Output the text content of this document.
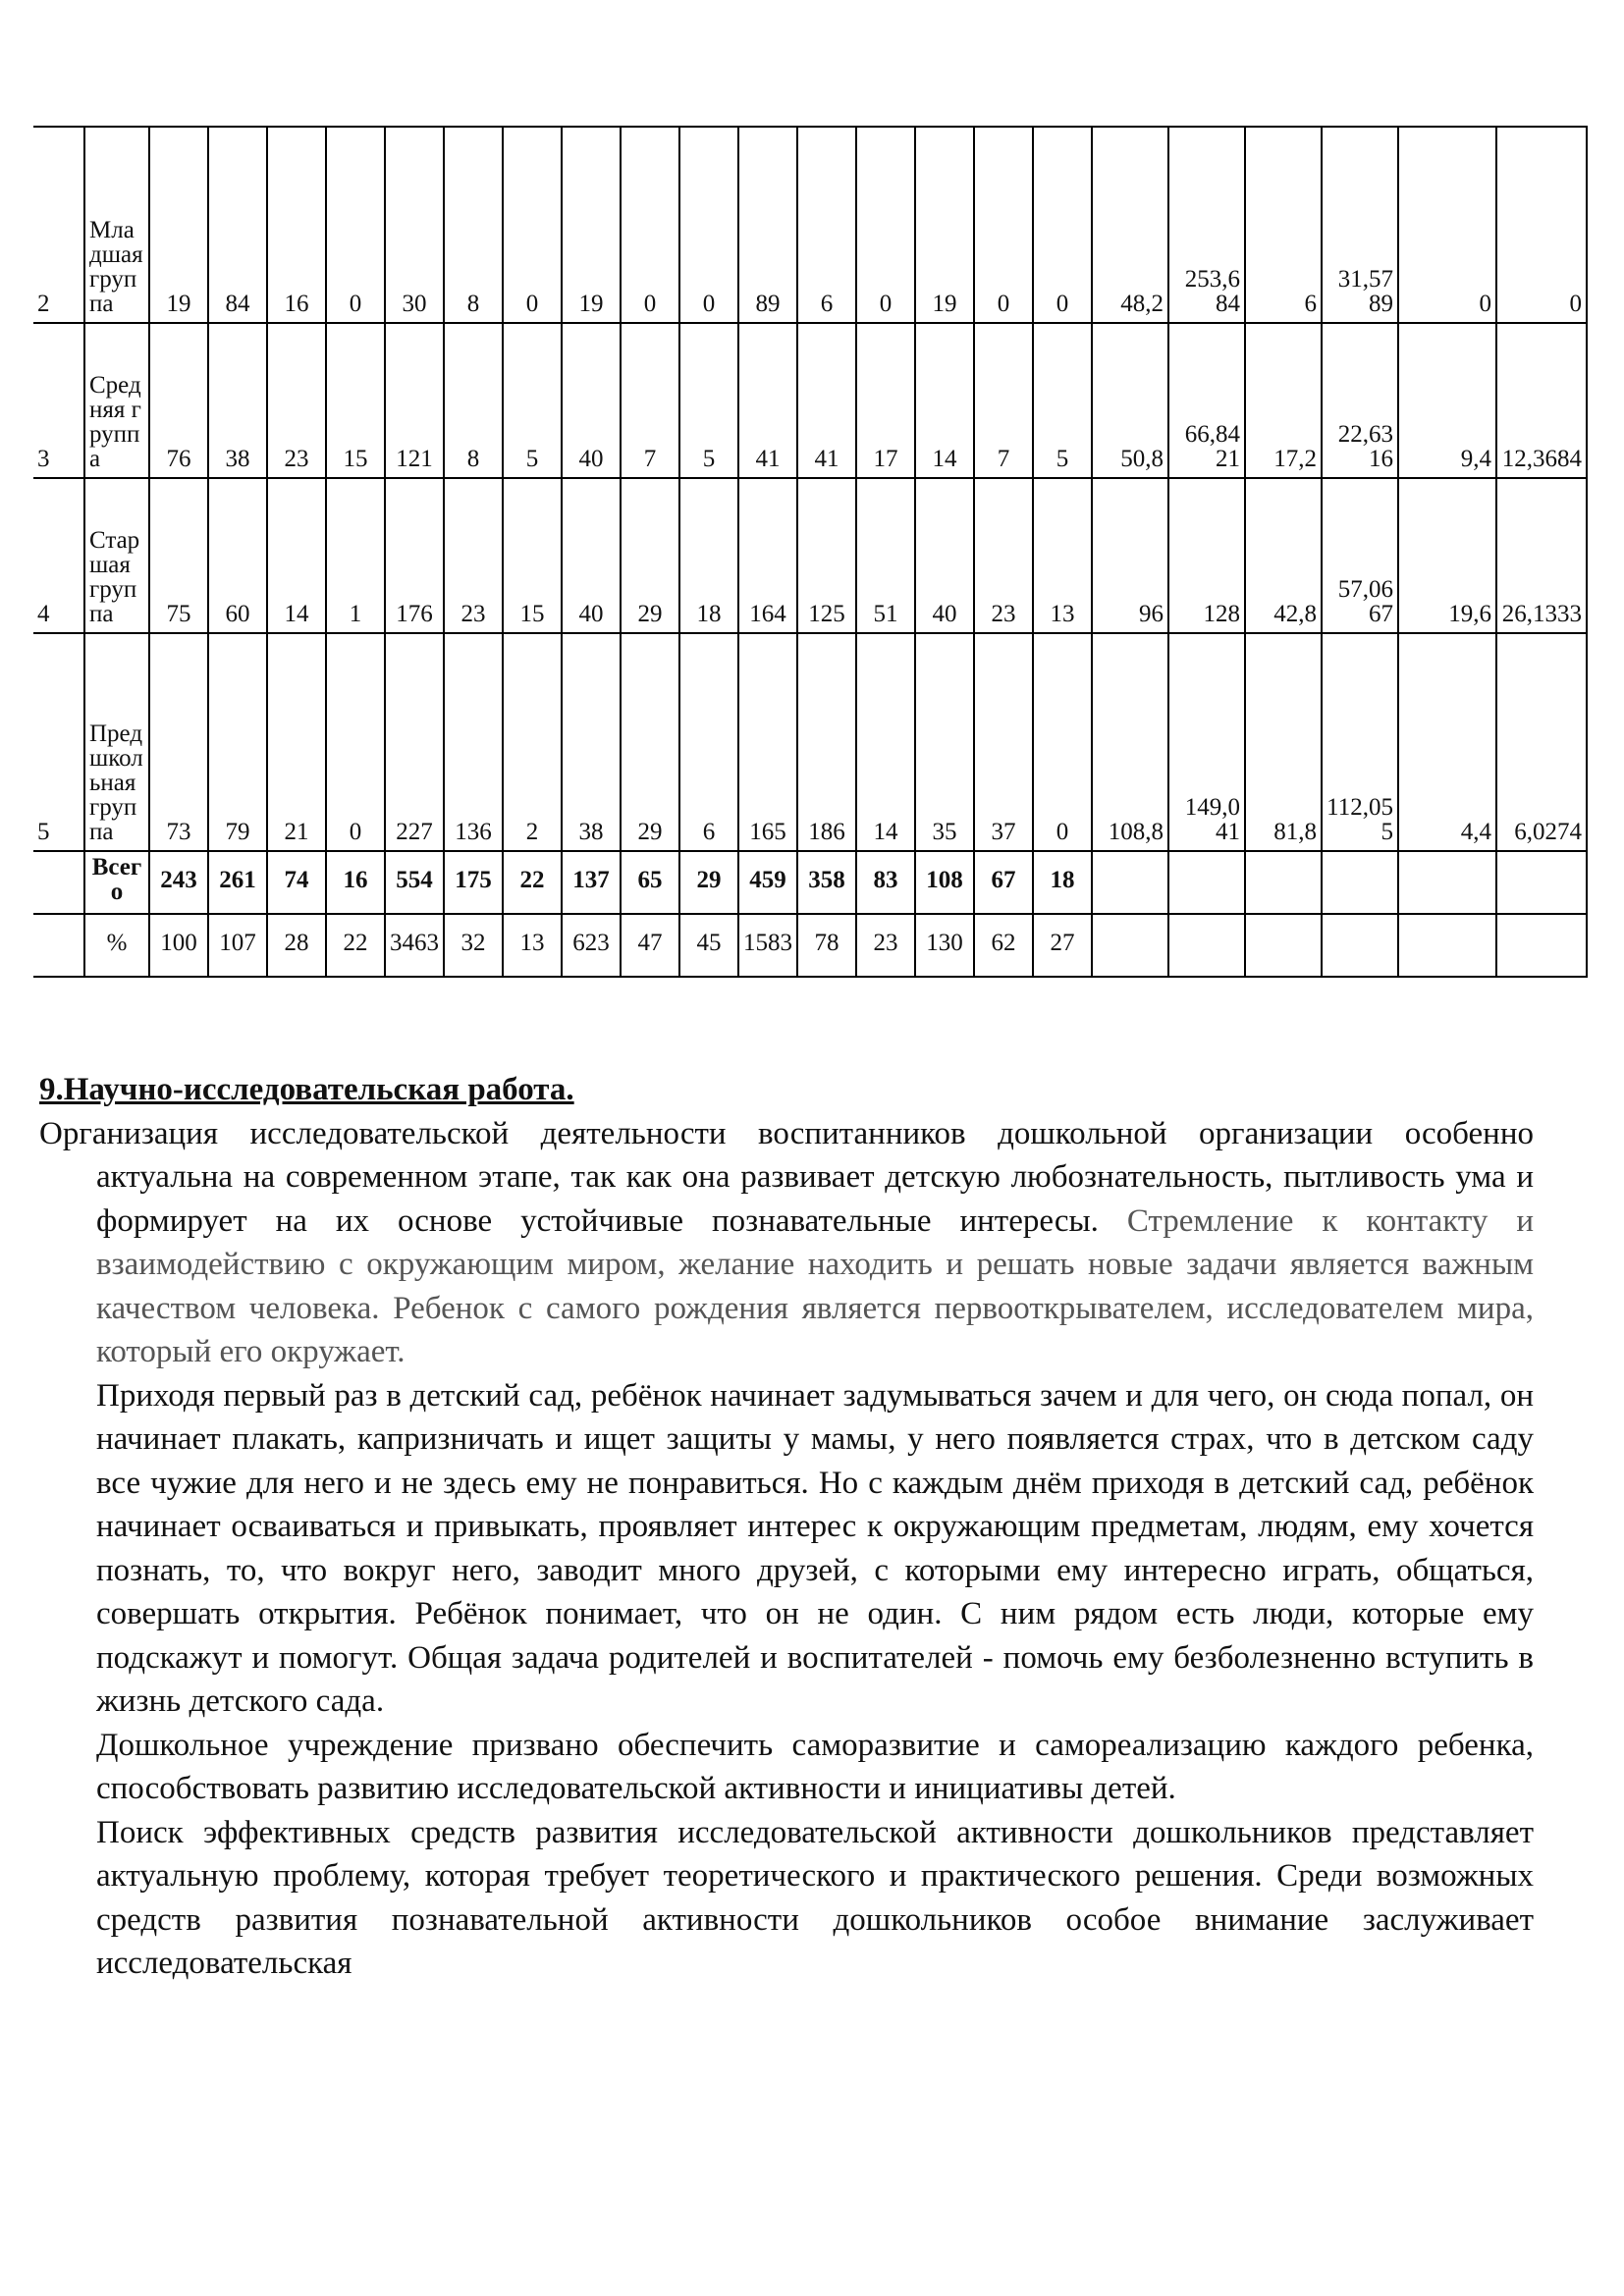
2	Младшая группа	19	84	16	0	30	8	0	19	0	0	89	6	0	19	0	0	48,2	253,684	6	31,5789	0	0
3	Средняя группа	76	38	23	15	121	8	5	40	7	5	41	41	17	14	7	5	50,8	66,8421	17,2	22,6316	9,4	12,3684
4	Старшая группа	75	60	14	1	176	23	15	40	29	18	164	125	51	40	23	13	96	128	42,8	57,0667	19,6	26,1333
5	Предшкольная группа	73	79	21	0	227	136	2	38	29	6	165	186	14	35	37	0	108,8	149,041	81,8	112,055	4,4	6,0274
	Всего	243	261	74	16	554	175	22	137	65	29	459	358	83	108	67	18						
	%	100	107	28	22	3463	32	13	623	47	45	1583	78	23	130	62	27						

9.Научно-исследовательская работа.

Организация исследовательской деятельности воспитанников дошкольной организации особенно актуальна на современном этапе, так как она развивает детскую любознательность, пытливость ума и формирует на их основе устойчивые познавательные интересы. Стремление к контакту и взаимодействию с окружающим миром, желание находить и решать новые задачи является важным качеством человека. Ребенок с самого рождения является первооткрывателем, исследователем мира, который его окружает.

Приходя первый раз в детский сад, ребёнок начинает задумываться зачем и для чего, он сюда попал, он начинает плакать, капризничать и ищет защиты у мамы, у него появляется страх, что в детском саду все чужие для него и не здесь ему не понравиться. Но с каждым днём приходя в детский сад, ребёнок начинает осваиваться и привыкать, проявляет интерес к окружающим предметам, людям, ему хочется познать, то, что вокруг него, заводит много друзей, с которыми ему интересно играть, общаться, совершать открытия. Ребёнок понимает, что он не один. С ним рядом есть люди, которые ему подскажут и помогут. Общая задача родителей и воспитателей - помочь ему безболезненно вступить в жизнь детского сада.

Дошкольное учреждение призвано обеспечить саморазвитие и самореализацию каждого ребенка, способствовать развитию исследовательской активности и инициативы детей.

Поиск эффективных средств развития исследовательской активности дошкольников представляет актуальную проблему, которая требует теоретического и практического решения. Среди возможных средств развития познавательной активности дошкольников особое внимание заслуживает исследовательская
